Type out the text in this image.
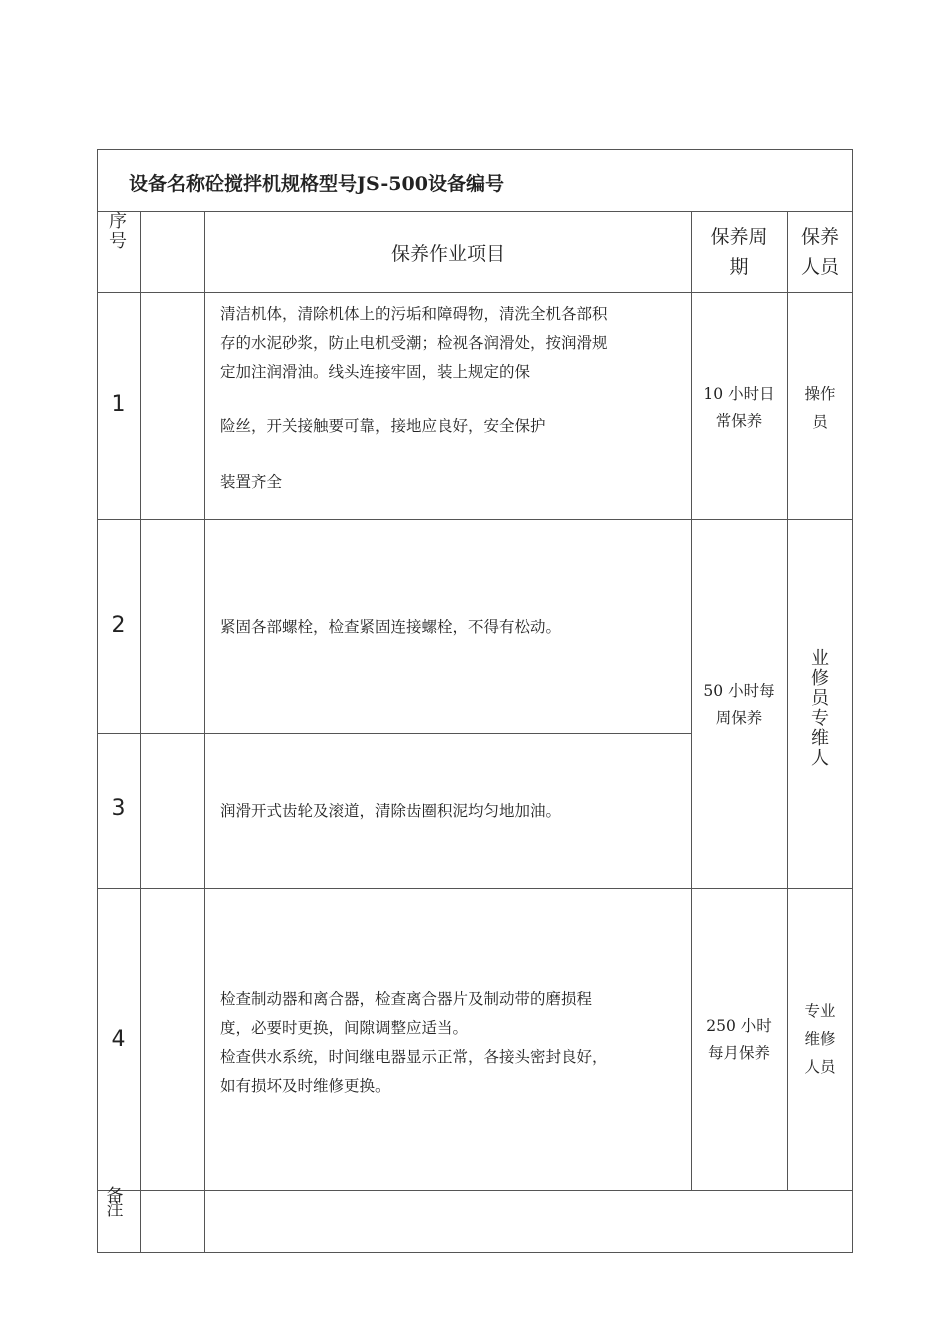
设备名称砼搅拌机规格型号JS-500设备编号
序号
保养作业项目
保养周期
保养人员
1
清洁机体，清除机体上的污垢和障碍物，清洗全机各部积
存的水泥砂浆，防止电机受潮；检视各润滑处，按润滑规
定加注润滑油。线头连接牢固，装上规定的保
险丝，开关接触要可靠，接地应良好，安全保护
装置齐全
10 小时日
常保养
操作
员
2	紧固各部螺栓，检查紧固连接螺栓，不得有松动。
3	润滑开式齿轮及滚道，清除齿圈积泥均匀地加油。
50 小时每
周保养
业修员专维人
4
检查制动器和离合器，检查离合器片及制动带的磨损程
度，必要时更换，间隙调整应适当。
检查供水系统，时间继电器显示正常，各接头密封良好，
如有损坏及时维修更换。
250 小时
每月保养
专业
维修
人员
备注
